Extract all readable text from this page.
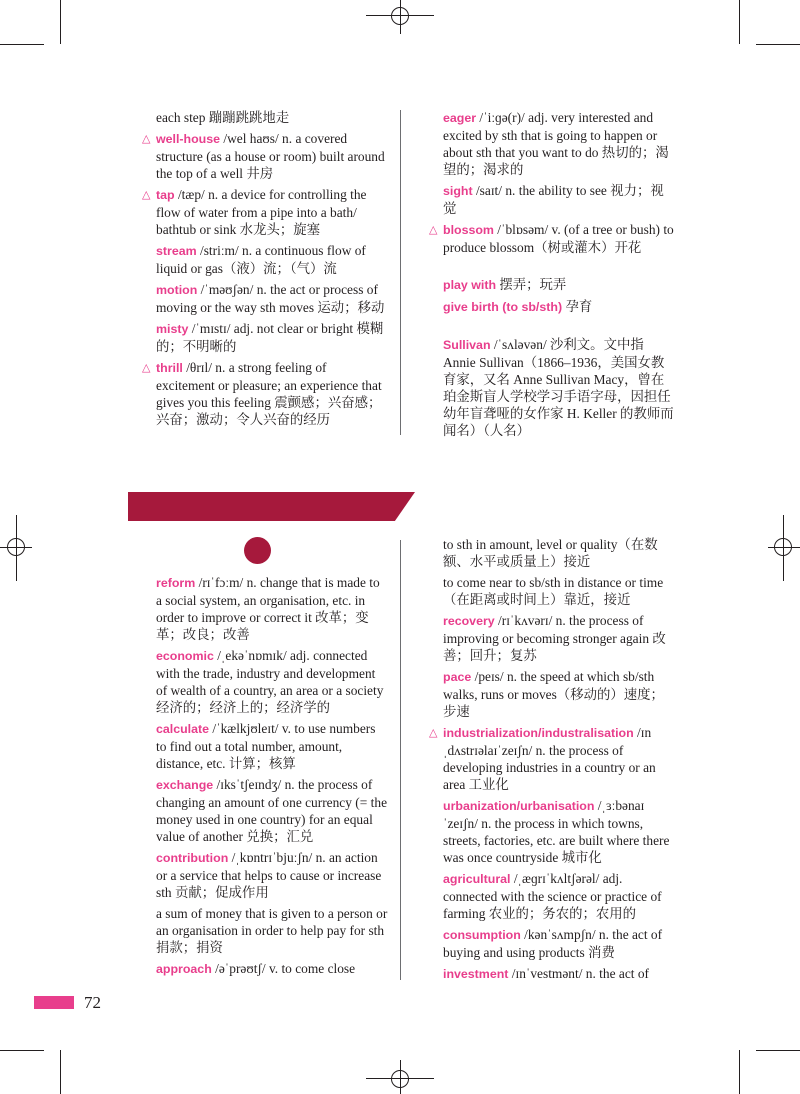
each step 蹦蹦跳跳地走
△ well-house /wel haʊs/ n. a covered structure (as a house or room) built around the top of a well 井房
△ tap /tæp/ n. a device for controlling the flow of water from a pipe into a bath/ bathtub or sink 水龙头；旋塞
stream /striːm/ n. a continuous flow of liquid or gas（液）流；（气）流
motion /ˈməʊʃən/ n. the act or process of moving or the way sth moves 运动；移动
misty /ˈmɪstɪ/ adj. not clear or bright 模糊的；不明晰的
△ thrill /θrɪl/ n. a strong feeling of excitement or pleasure; an experience that gives you this feeling 震颤感；兴奋感；兴奋；激动；令人兴奋的经历
eager /ˈiːɡə(r)/ adj. very interested and excited by sth that is going to happen or about sth that you want to do 热切的；渴望的；渴求的
sight /saɪt/ n. the ability to see 视力；视觉
△ blossom /ˈblɒsəm/ v. (of a tree or bush) to produce blossom（树或灌木）开花
play with 摆弄；玩弄
give birth (to sb/sth) 孕育
Sullivan /ˈsʌləvən/ 沙利文。文中指 Annie Sullivan（1866–1936，美国女教育家，又名 Anne Sullivan Macy，曾在珀金斯盲人学校学习手语字母，因担任幼年盲聋哑的女作家 H. Keller 的教师而闻名）（人名）
reform /rɪˈfɔːm/ n. change that is made to a social system, an organisation, etc. in order to improve or correct it 改革；变革；改良；改善
economic /ˌekəˈnɒmɪk/ adj. connected with the trade, industry and development of wealth of a country, an area or a society 经济的；经济上的；经济学的
calculate /ˈkælkjʊleɪt/ v. to use numbers to find out a total number, amount, distance, etc. 计算；核算
exchange /ɪksˈtʃeɪndʒ/ n. the process of changing an amount of one currency (= the money used in one country) for an equal value of another 兑换；汇兑
contribution /ˌkɒntrɪˈbjuːʃn/ n. an action or a service that helps to cause or increase sth 贡献；促成作用
a sum of money that is given to a person or an organisation in order to help pay for sth 捐款；捐资
approach /əˈprəʊtʃ/ v. to come close
to sth in amount, level or quality（在数额、水平或质量上）接近
to come near to sb/sth in distance or time（在距离或时间上）靠近，接近
recovery /rɪˈkʌvərɪ/ n. the process of improving or becoming stronger again 改善；回升；复苏
pace /peɪs/ n. the speed at which sb/sth walks, runs or moves（移动的）速度；步速
△ industrialization/industralisation /ɪnˌdʌstrɪəlaɪˈzeɪʃn/ n. the process of developing industries in a country or an area 工业化
urbanization/urbanisation /ˌɜːbənaɪˈzeɪʃn/ n. the process in which towns, streets, factories, etc. are built where there was once countryside 城市化
agricultural /ˌæɡrɪˈkʌltʃərəl/ adj. connected with the science or practice of farming 农业的；务农的；农用的
consumption /kənˈsʌmpʃn/ n. the act of buying and using products 消费
investment /ɪnˈvestmənt/ n. the act of
72
